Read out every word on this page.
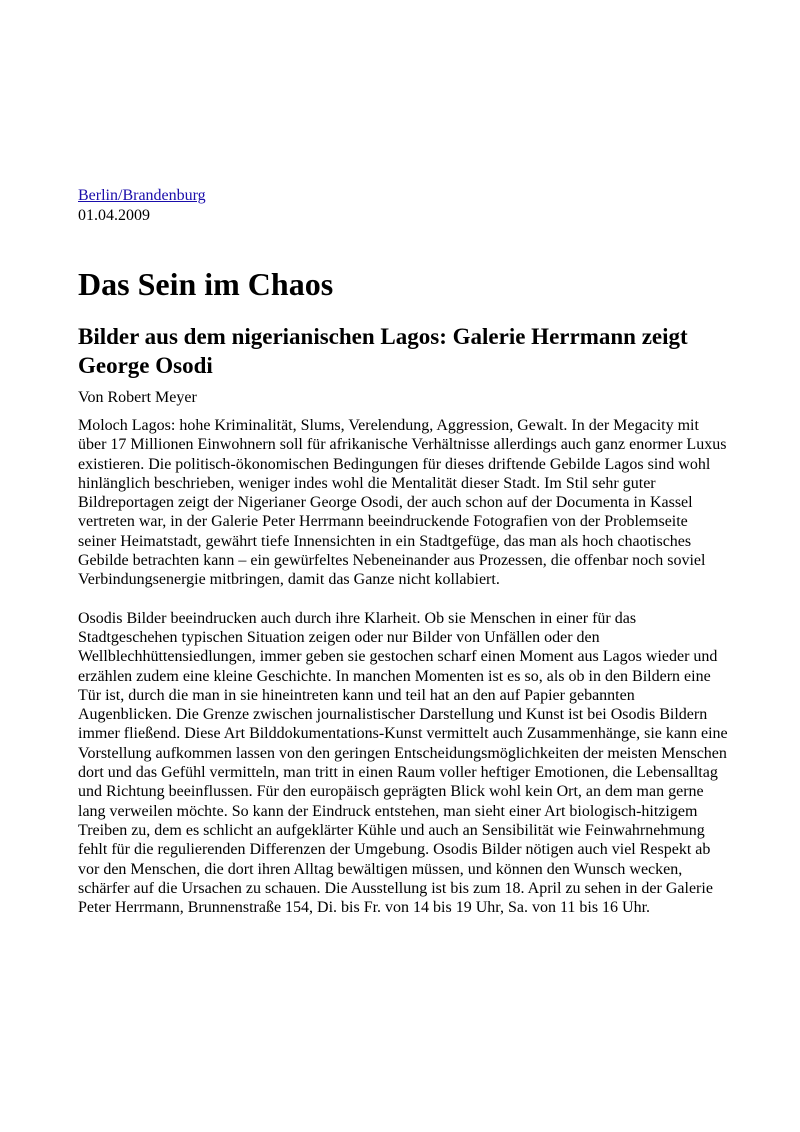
Berlin/Brandenburg
01.04.2009
Das Sein im Chaos
Bilder aus dem nigerianischen Lagos: Galerie Herrmann zeigt George Osodi

Von Robert Meyer

Moloch Lagos: hohe Kriminalität, Slums, Verelendung, Aggression, Gewalt. In der Megacity mit über 17 Millionen Einwohnern soll für afrikanische Verhältnisse allerdings auch ganz enormer Luxus existieren. Die politisch-ökonomischen Bedingungen für dieses driftende Gebilde Lagos sind wohl hinlänglich beschrieben, weniger indes wohl die Mentalität dieser Stadt. Im Stil sehr guter Bildreportagen zeigt der Nigerianer George Osodi, der auch schon auf der Documenta in Kassel vertreten war, in der Galerie Peter Herrmann beeindruckende Fotografien von der Problemseite seiner Heimatstadt, gewährt tiefe Innensichten in ein Stadtgefüge, das man als hoch chaotisches Gebilde betrachten kann – ein gewürfeltes Nebeneinander aus Prozessen, die offenbar noch soviel Verbindungsenergie mitbringen, damit das Ganze nicht kollabiert.

Osodis Bilder beeindrucken auch durch ihre Klarheit. Ob sie Menschen in einer für das Stadtgeschehen typischen Situation zeigen oder nur Bilder von Unfällen oder den Wellblechhüttensiedlungen, immer geben sie gestochen scharf einen Moment aus Lagos wieder und erzählen zudem eine kleine Geschichte. In manchen Momenten ist es so, als ob in den Bildern eine Tür ist, durch die man in sie hineintreten kann und teil hat an den auf Papier gebannten Augenblicken. Die Grenze zwischen journalistischer Darstellung und Kunst ist bei Osodis Bildern immer fließend. Diese Art Bilddokumentations-Kunst vermittelt auch Zusammenhänge, sie kann eine Vorstellung aufkommen lassen von den geringen Entscheidungsmöglichkeiten der meisten Menschen dort und das Gefühl vermitteln, man tritt in einen Raum voller heftiger Emotionen, die Lebensalltag und Richtung beeinflussen. Für den europäisch geprägten Blick wohl kein Ort, an dem man gerne lang verweilen möchte. So kann der Eindruck entstehen, man sieht einer Art biologisch-hitzigem Treiben zu, dem es schlicht an aufgeklärter Kühle und auch an Sensibilität wie Feinwahrnehmung fehlt für die regulierenden Differenzen der Umgebung. Osodis Bilder nötigen auch viel Respekt ab vor den Menschen, die dort ihren Alltag bewältigen müssen, und können den Wunsch wecken, schärfer auf die Ursachen zu schauen. Die Ausstellung ist bis zum 18. April zu sehen in der Galerie Peter Herrmann, Brunnenstraße 154, Di. bis Fr. von 14 bis 19 Uhr, Sa. von 11 bis 16 Uhr.
